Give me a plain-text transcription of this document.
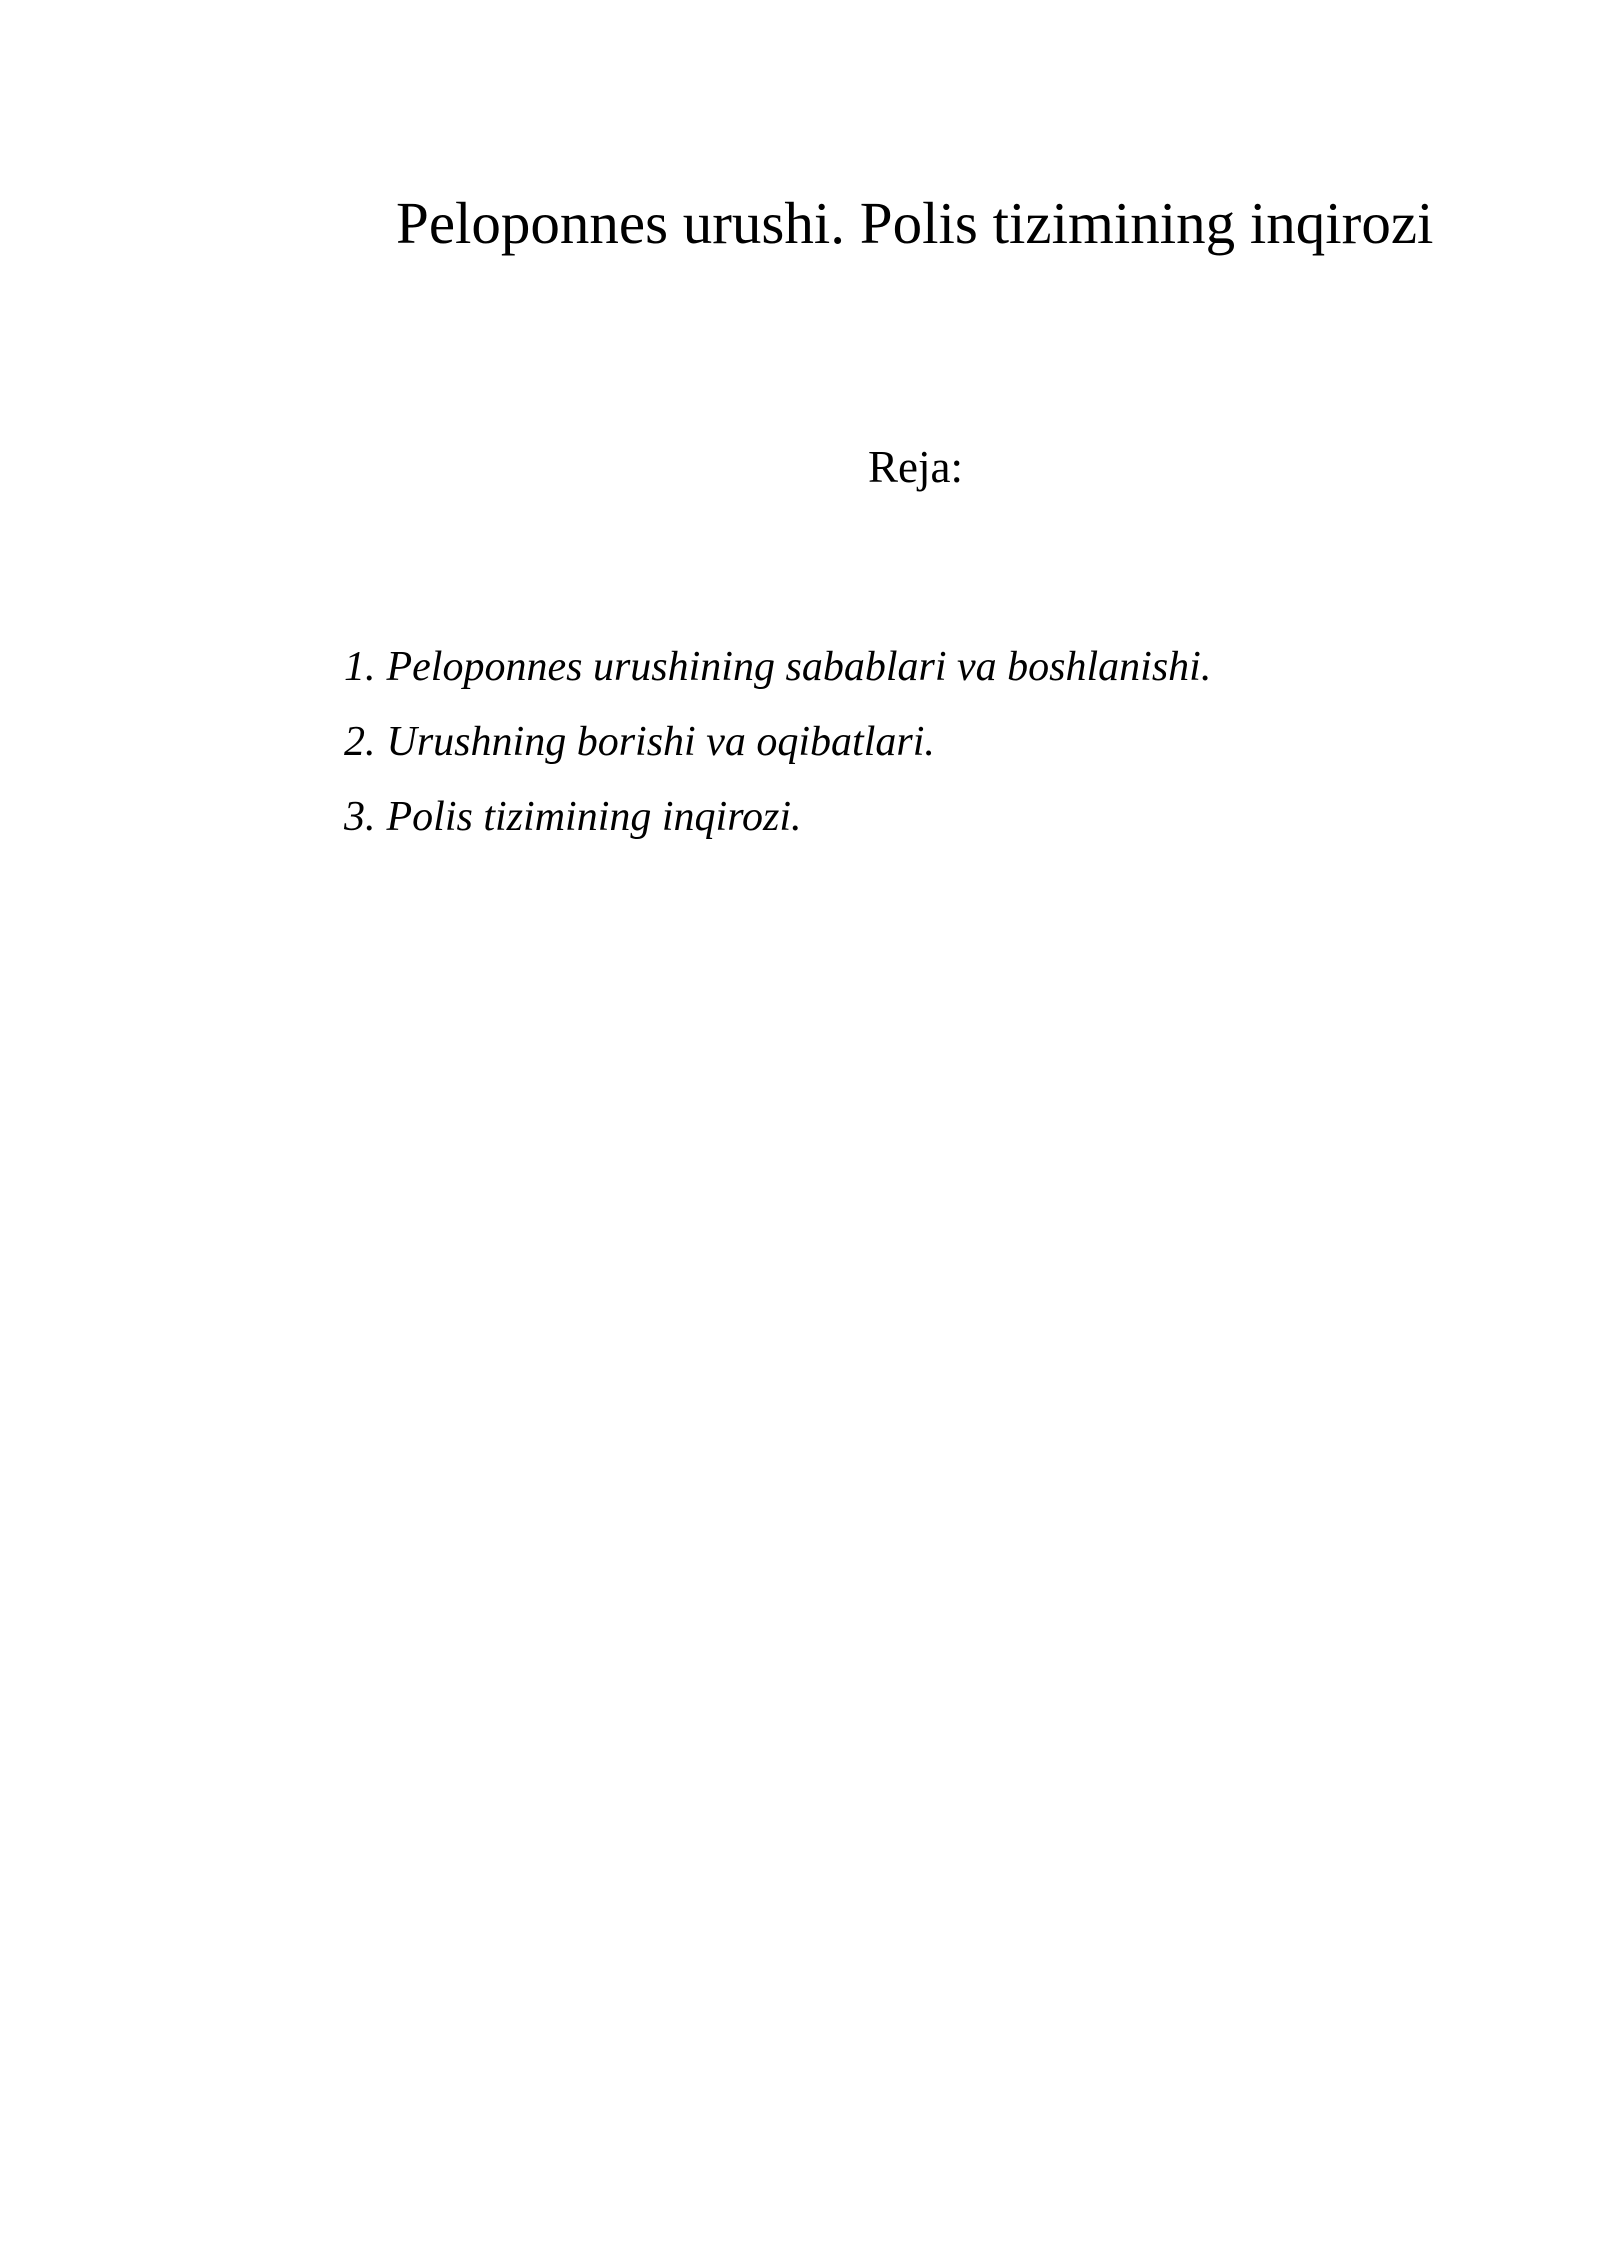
Peloponnes urushi. Polis tizimining inqirozi
Reja:
1. Peloponnes urushining sabablari va boshlanishi.
2. Urushning borishi va oqibatlari.
3. Polis tizimining inqirozi.
